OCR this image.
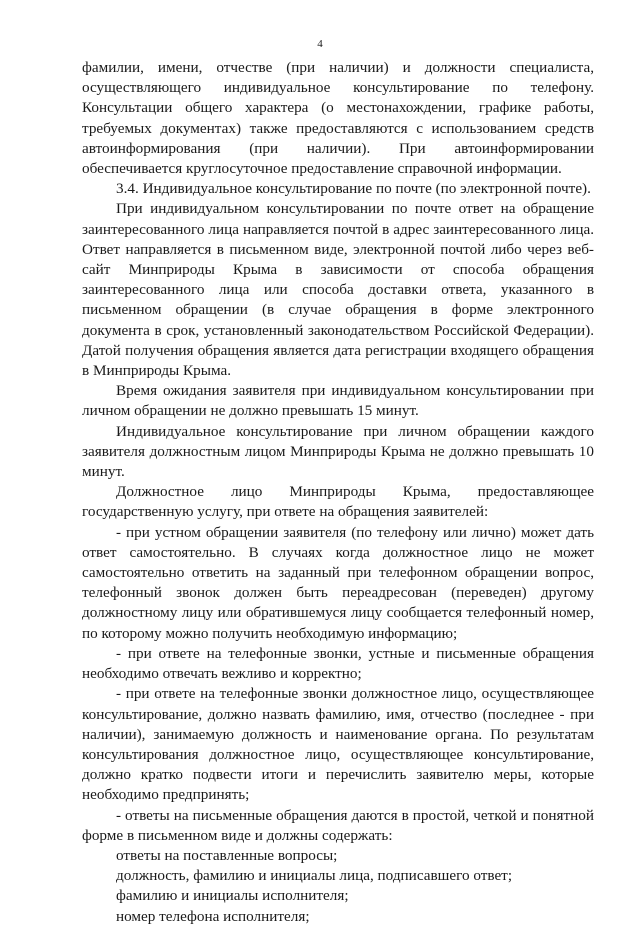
4

фамилии, имени, отчестве (при наличии) и должности специалиста, осуществляющего индивидуальное консультирование по телефону. Консультации общего характера (о местонахождении, графике работы, требуемых документах) также предоставляются с использованием средств автоинформирования (при наличии). При автоинформировании обеспечивается круглосуточное предоставление справочной информации.

3.4. Индивидуальное консультирование по почте (по электронной почте).

При индивидуальном консультировании по почте ответ на обращение заинтересованного лица направляется почтой в адрес заинтересованного лица. Ответ направляется в письменном виде, электронной почтой либо через веб-сайт Минприроды Крыма в зависимости от способа обращения заинтересованного лица или способа доставки ответа, указанного в письменном обращении (в случае обращения в форме электронного документа в срок, установленный законодательством Российской Федерации). Датой получения обращения является дата регистрации входящего обращения в Минприроды Крыма.

Время ожидания заявителя при индивидуальном консультировании при личном обращении не должно превышать 15 минут.

Индивидуальное консультирование при личном обращении каждого заявителя должностным лицом Минприроды Крыма не должно превышать 10 минут.

Должностное лицо Минприроды Крыма, предоставляющее государственную услугу, при ответе на обращения заявителей:

- при устном обращении заявителя (по телефону или лично) может дать ответ самостоятельно. В случаях когда должностное лицо не может самостоятельно ответить на заданный при телефонном обращении вопрос, телефонный звонок должен быть переадресован (переведен) другому должностному лицу или обратившемуся лицу сообщается телефонный номер, по которому можно получить необходимую информацию;

- при ответе на телефонные звонки, устные и письменные обращения необходимо отвечать вежливо и корректно;

- при ответе на телефонные звонки должностное лицо, осуществляющее консультирование, должно назвать фамилию, имя, отчество (последнее - при наличии), занимаемую должность и наименование органа. По результатам консультирования должностное лицо, осуществляющее консультирование, должно кратко подвести итоги и перечислить заявителю меры, которые необходимо предпринять;

- ответы на письменные обращения даются в простой, четкой и понятной форме в письменном виде и должны содержать:

ответы на поставленные вопросы;

должность, фамилию и инициалы лица, подписавшего ответ;

фамилию и инициалы исполнителя;

номер телефона исполнителя;
